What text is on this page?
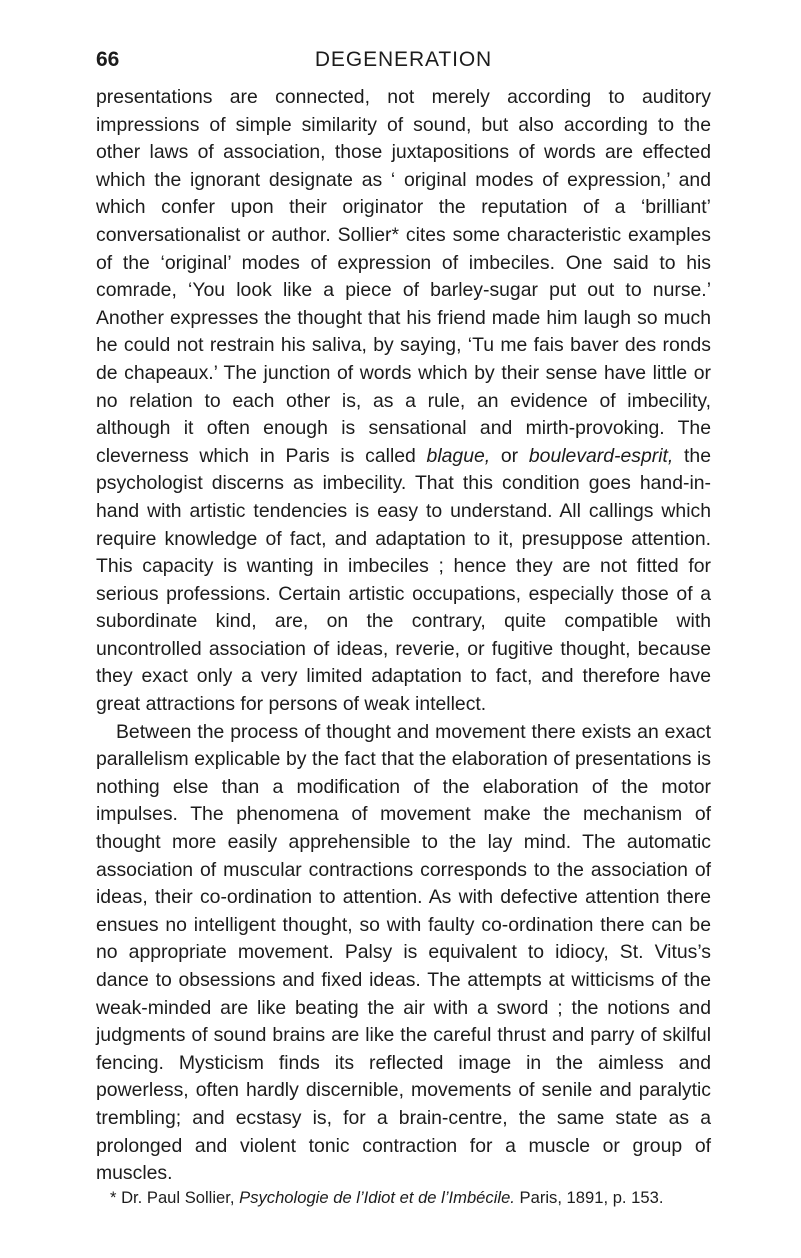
66	DEGENERATION

presentations are connected, not merely according to auditory impressions of simple similarity of sound, but also according to the other laws of association, those juxtapositions of words are effected which the ignorant designate as ‘ original modes of expression,’ and which confer upon their originator the reputation of a ‘brilliant’ conversationalist or author. Sollier* cites some characteristic examples of the ‘original’ modes of expression of imbeciles. One said to his comrade, ‘You look like a piece of barley-sugar put out to nurse.’ Another expresses the thought that his friend made him laugh so much he could not restrain his saliva, by saying, ‘Tu me fais baver des ronds de chapeaux.’ The junction of words which by their sense have little or no relation to each other is, as a rule, an evidence of imbecility, although it often enough is sensational and mirth-provoking. The cleverness which in Paris is called blague, or boulevard-esprit, the psychologist discerns as imbecility. That this condition goes hand-in-hand with artistic tendencies is easy to understand. All callings which require knowledge of fact, and adaptation to it, presuppose attention. This capacity is wanting in imbeciles ; hence they are not fitted for serious professions. Certain artistic occupations, especially those of a subordinate kind, are, on the contrary, quite compatible with uncontrolled association of ideas, reverie, or fugitive thought, because they exact only a very limited adaptation to fact, and therefore have great attractions for persons of weak intellect.

Between the process of thought and movement there exists an exact parallelism explicable by the fact that the elaboration of presentations is nothing else than a modification of the elaboration of the motor impulses. The phenomena of movement make the mechanism of thought more easily apprehensible to the lay mind. The automatic association of muscular contractions corresponds to the association of ideas, their co-ordination to attention. As with defective attention there ensues no intelligent thought, so with faulty co-ordination there can be no appropriate movement. Palsy is equivalent to idiocy, St. Vitus’s dance to obsessions and fixed ideas. The attempts at witticisms of the weak-minded are like beating the air with a sword ; the notions and judgments of sound brains are like the careful thrust and parry of skilful fencing. Mysticism finds its reflected image in the aimless and powerless, often hardly discernible, movements of senile and paralytic trembling; and ecstasy is, for a brain-centre, the same state as a prolonged and violent tonic contraction for a muscle or group of muscles.

* Dr. Paul Sollier, Psychologie de l’Idiot et de l’Imbécile. Paris, 1891, p. 153.
